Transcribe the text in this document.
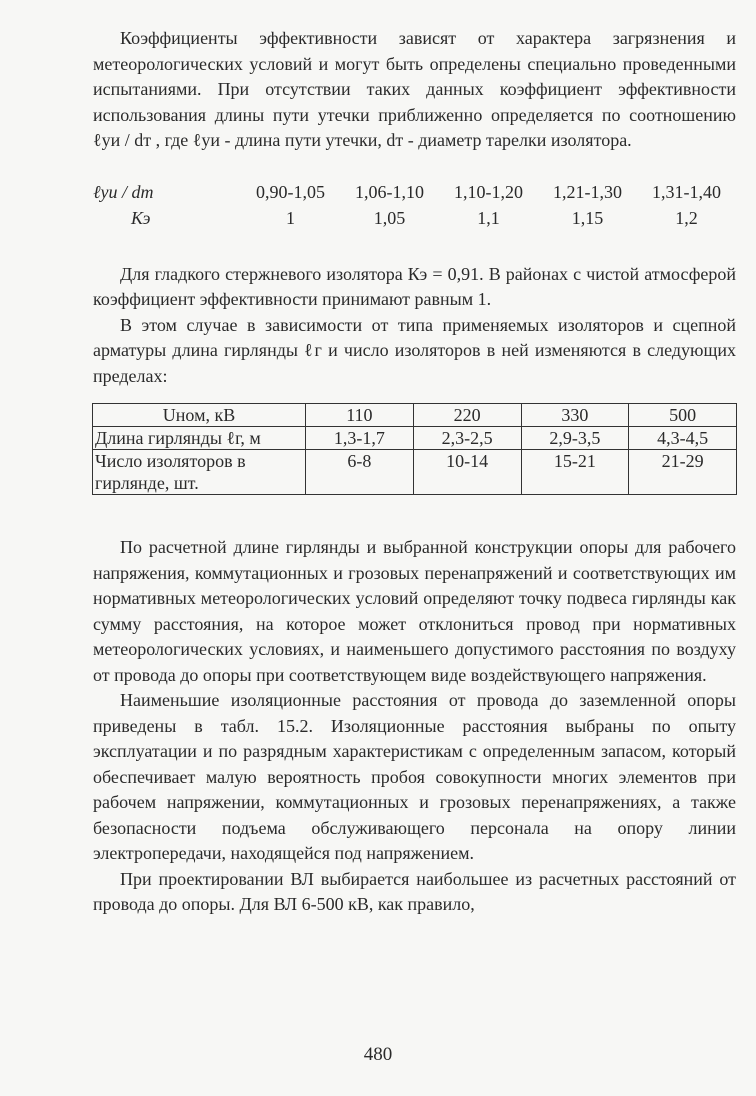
Коэффициенты эффективности зависят от характера загрязнения и метеорологических условий и могут быть определены специально проведенными испытаниями. При отсутствии таких данных коэффициент эффективности использования длины пути утечки приближенно определяется по соотношению ℓуи / dт , где ℓуи - длина пути утечки, dт - диаметр тарелки изолятора.

ℓуи / dт	0,90-1,05	1,06-1,10	1,10-1,20	1,21-1,30	1,31-1,40
Кэ	1	1,05	1,1	1,15	1,2

Для гладкого стержневого изолятора Кэ = 0,91. В районах с чистой атмосферой коэффициент эффективности принимают равным 1.

В этом случае в зависимости от типа применяемых изоляторов и сцепной арматуры длина гирлянды ℓг и число изоляторов в ней изменяются в следующих пределах:

Uном, кВ	110	220	330	500
Длина гирлянды ℓг, м	1,3-1,7	2,3-2,5	2,9-3,5	4,3-4,5
Число изоляторов в гирлянде, шт.	6-8	10-14	15-21	21-29

По расчетной длине гирлянды и выбранной конструкции опоры для рабочего напряжения, коммутационных и грозовых перенапряжений и соответствующих им нормативных метеорологических условий определяют точку подвеса гирлянды как сумму расстояния, на которое может отклониться провод при нормативных метеорологических условиях, и наименьшего допустимого расстояния по воздуху от провода до опоры при соответствующем виде воздействующего напряжения.

Наименьшие изоляционные расстояния от провода до заземленной опоры приведены в табл. 15.2. Изоляционные расстояния выбраны по опыту эксплуатации и по разрядным характеристикам с определенным запасом, который обеспечивает малую вероятность пробоя совокупности многих элементов при рабочем напряжении, коммутационных и грозовых перенапряжениях, а также безопасности подъема обслуживающего персонала на опору линии электропередачи, находящейся под напряжением.

При проектировании ВЛ выбирается наибольшее из расчетных расстояний от провода до опоры. Для ВЛ 6-500 кВ, как правило,

480
